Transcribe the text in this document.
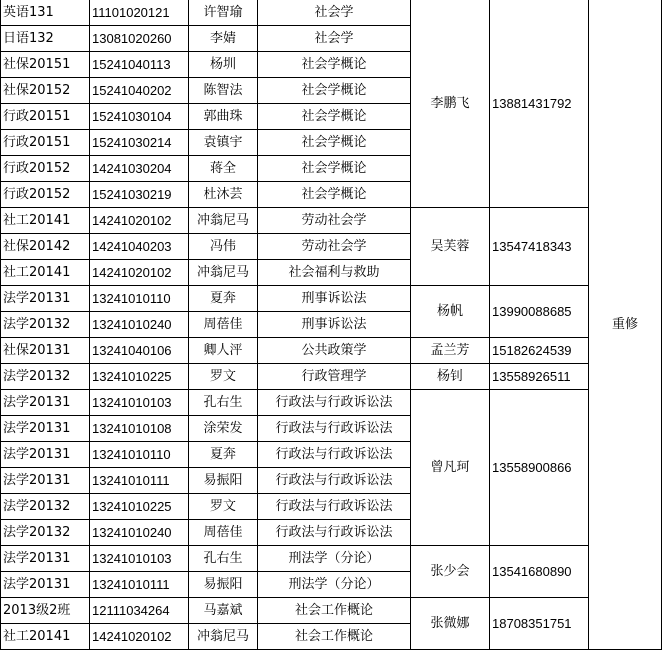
英语131	11101020121	许智瑜	社会学	李鹏飞	13881431792	重修
日语132	13081020260	李婧	社会学			
社保20151	15241040113	杨圳	社会学概论			
社保20152	15241040202	陈智法	社会学概论			
行政20151	15241030104	郭曲珠	社会学概论			
行政20151	15241030214	袁镇宇	社会学概论			
行政20152	14241030204	蒋全	社会学概论			
行政20152	15241030219	杜沐芸	社会学概论			
社工20141	14241020102	冲翁尼马	劳动社会学	吴芙蓉	13547418343	
社保20142	14241040203	冯伟	劳动社会学			
社工20141	14241020102	冲翁尼马	社会福利与救助			
法学20131	13241010110	夏奔	刑事诉讼法	杨帆	13990088685	
法学20132	13241010240	周蓓佳	刑事诉讼法			
社保20131	13241040106	卿人泙	公共政策学	孟兰芳	15182624539	
法学20132	13241010225	罗文	行政管理学	杨钊	13558926511	
法学20131	13241010103	孔右生	行政法与行政诉讼法	曾凡珂	13558900866	
法学20131	13241010108	涂荣发	行政法与行政诉讼法			
法学20131	13241010110	夏奔	行政法与行政诉讼法			
法学20131	13241010111	易振阳	行政法与行政诉讼法			
法学20132	13241010225	罗文	行政法与行政诉讼法			
法学20132	13241010240	周蓓佳	行政法与行政诉讼法			
法学20131	13241010103	孔右生	刑法学（分论）	张少会	13541680890	
法学20131	13241010111	易振阳	刑法学（分论）			
2013级2班	12111034264	马嘉斌	社会工作概论	张微娜	18708351751	
社工20141	14241020102	冲翁尼马	社会工作概论			
